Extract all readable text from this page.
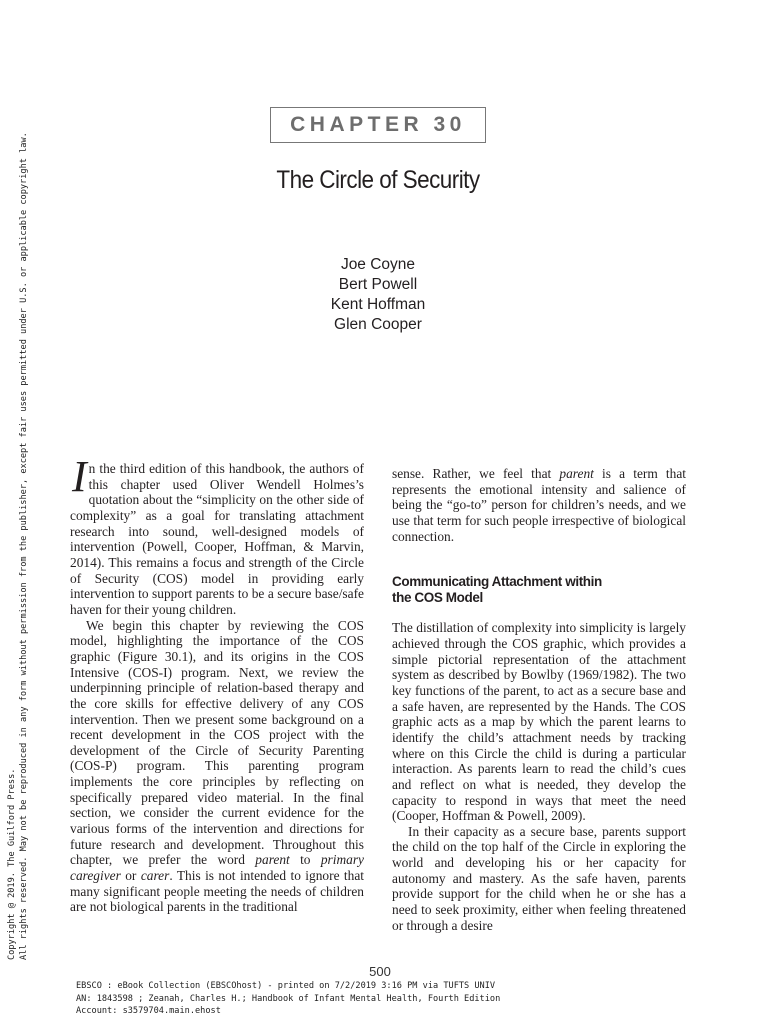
Copyright @ 2019. The Guilford Press. All rights reserved. May not be reproduced in any form without permission from the publisher, except fair uses permitted under U.S. or applicable copyright law.
CHAPTER 30
The Circle of Security
Joe Coyne
Bert Powell
Kent Hoffman
Glen Cooper

In the third edition of this handbook, the authors of this chapter used Oliver Wendell Holmes’s quotation about the “simplicity on the other side of complexity” as a goal for translating attachment research into sound, well-designed models of intervention (Powell, Cooper, Hoffman, & Marvin, 2014). This remains a focus and strength of the Circle of Security (COS) model in providing early intervention to support parents to be a secure base/safe haven for their young children.

We begin this chapter by reviewing the COS model, highlighting the importance of the COS graphic (Figure 30.1), and its origins in the COS Intensive (COS-I) program. Next, we review the underpinning principle of relation-based therapy and the core skills for effective delivery of any COS intervention. Then we present some background on a recent development in the COS project with the development of the Circle of Security Parenting (COS-P) program. This parenting program implements the core principles by reflecting on specifically prepared video material. In the final section, we consider the current evidence for the various forms of the intervention and directions for future research and development. Throughout this chapter, we prefer the word parent to primary caregiver or carer. This is not intended to ignore that many significant people meeting the needs of children are not biological parents in the traditional

sense. Rather, we feel that parent is a term that represents the emotional intensity and salience of being the “go-to” person for children’s needs, and we use that term for such people irrespective of biological connection.

Communicating Attachment within
the COS Model

The distillation of complexity into simplicity is largely achieved through the COS graphic, which provides a simple pictorial representation of the attachment system as described by Bowlby (1969/1982). The two key functions of the parent, to act as a secure base and a safe haven, are represented by the Hands. The COS graphic acts as a map by which the parent learns to identify the child’s attachment needs by tracking where on this Circle the child is during a particular interaction. As parents learn to read the child’s cues and reflect on what is needed, they develop the capacity to respond in ways that meet the need (Cooper, Hoffman & Powell, 2009).

In their capacity as a secure base, parents support the child on the top half of the Circle in exploring the world and developing his or her capacity for autonomy and mastery. As the safe haven, parents provide support for the child when he or she has a need to seek proximity, either when feeling threatened or through a desire

500
EBSCO : eBook Collection (EBSCOhost) - printed on 7/2/2019 3:16 PM via TUFTS UNIV
AN: 1843598 ; Zeanah, Charles H.; Handbook of Infant Mental Health, Fourth Edition
Account: s3579704.main.ehost
